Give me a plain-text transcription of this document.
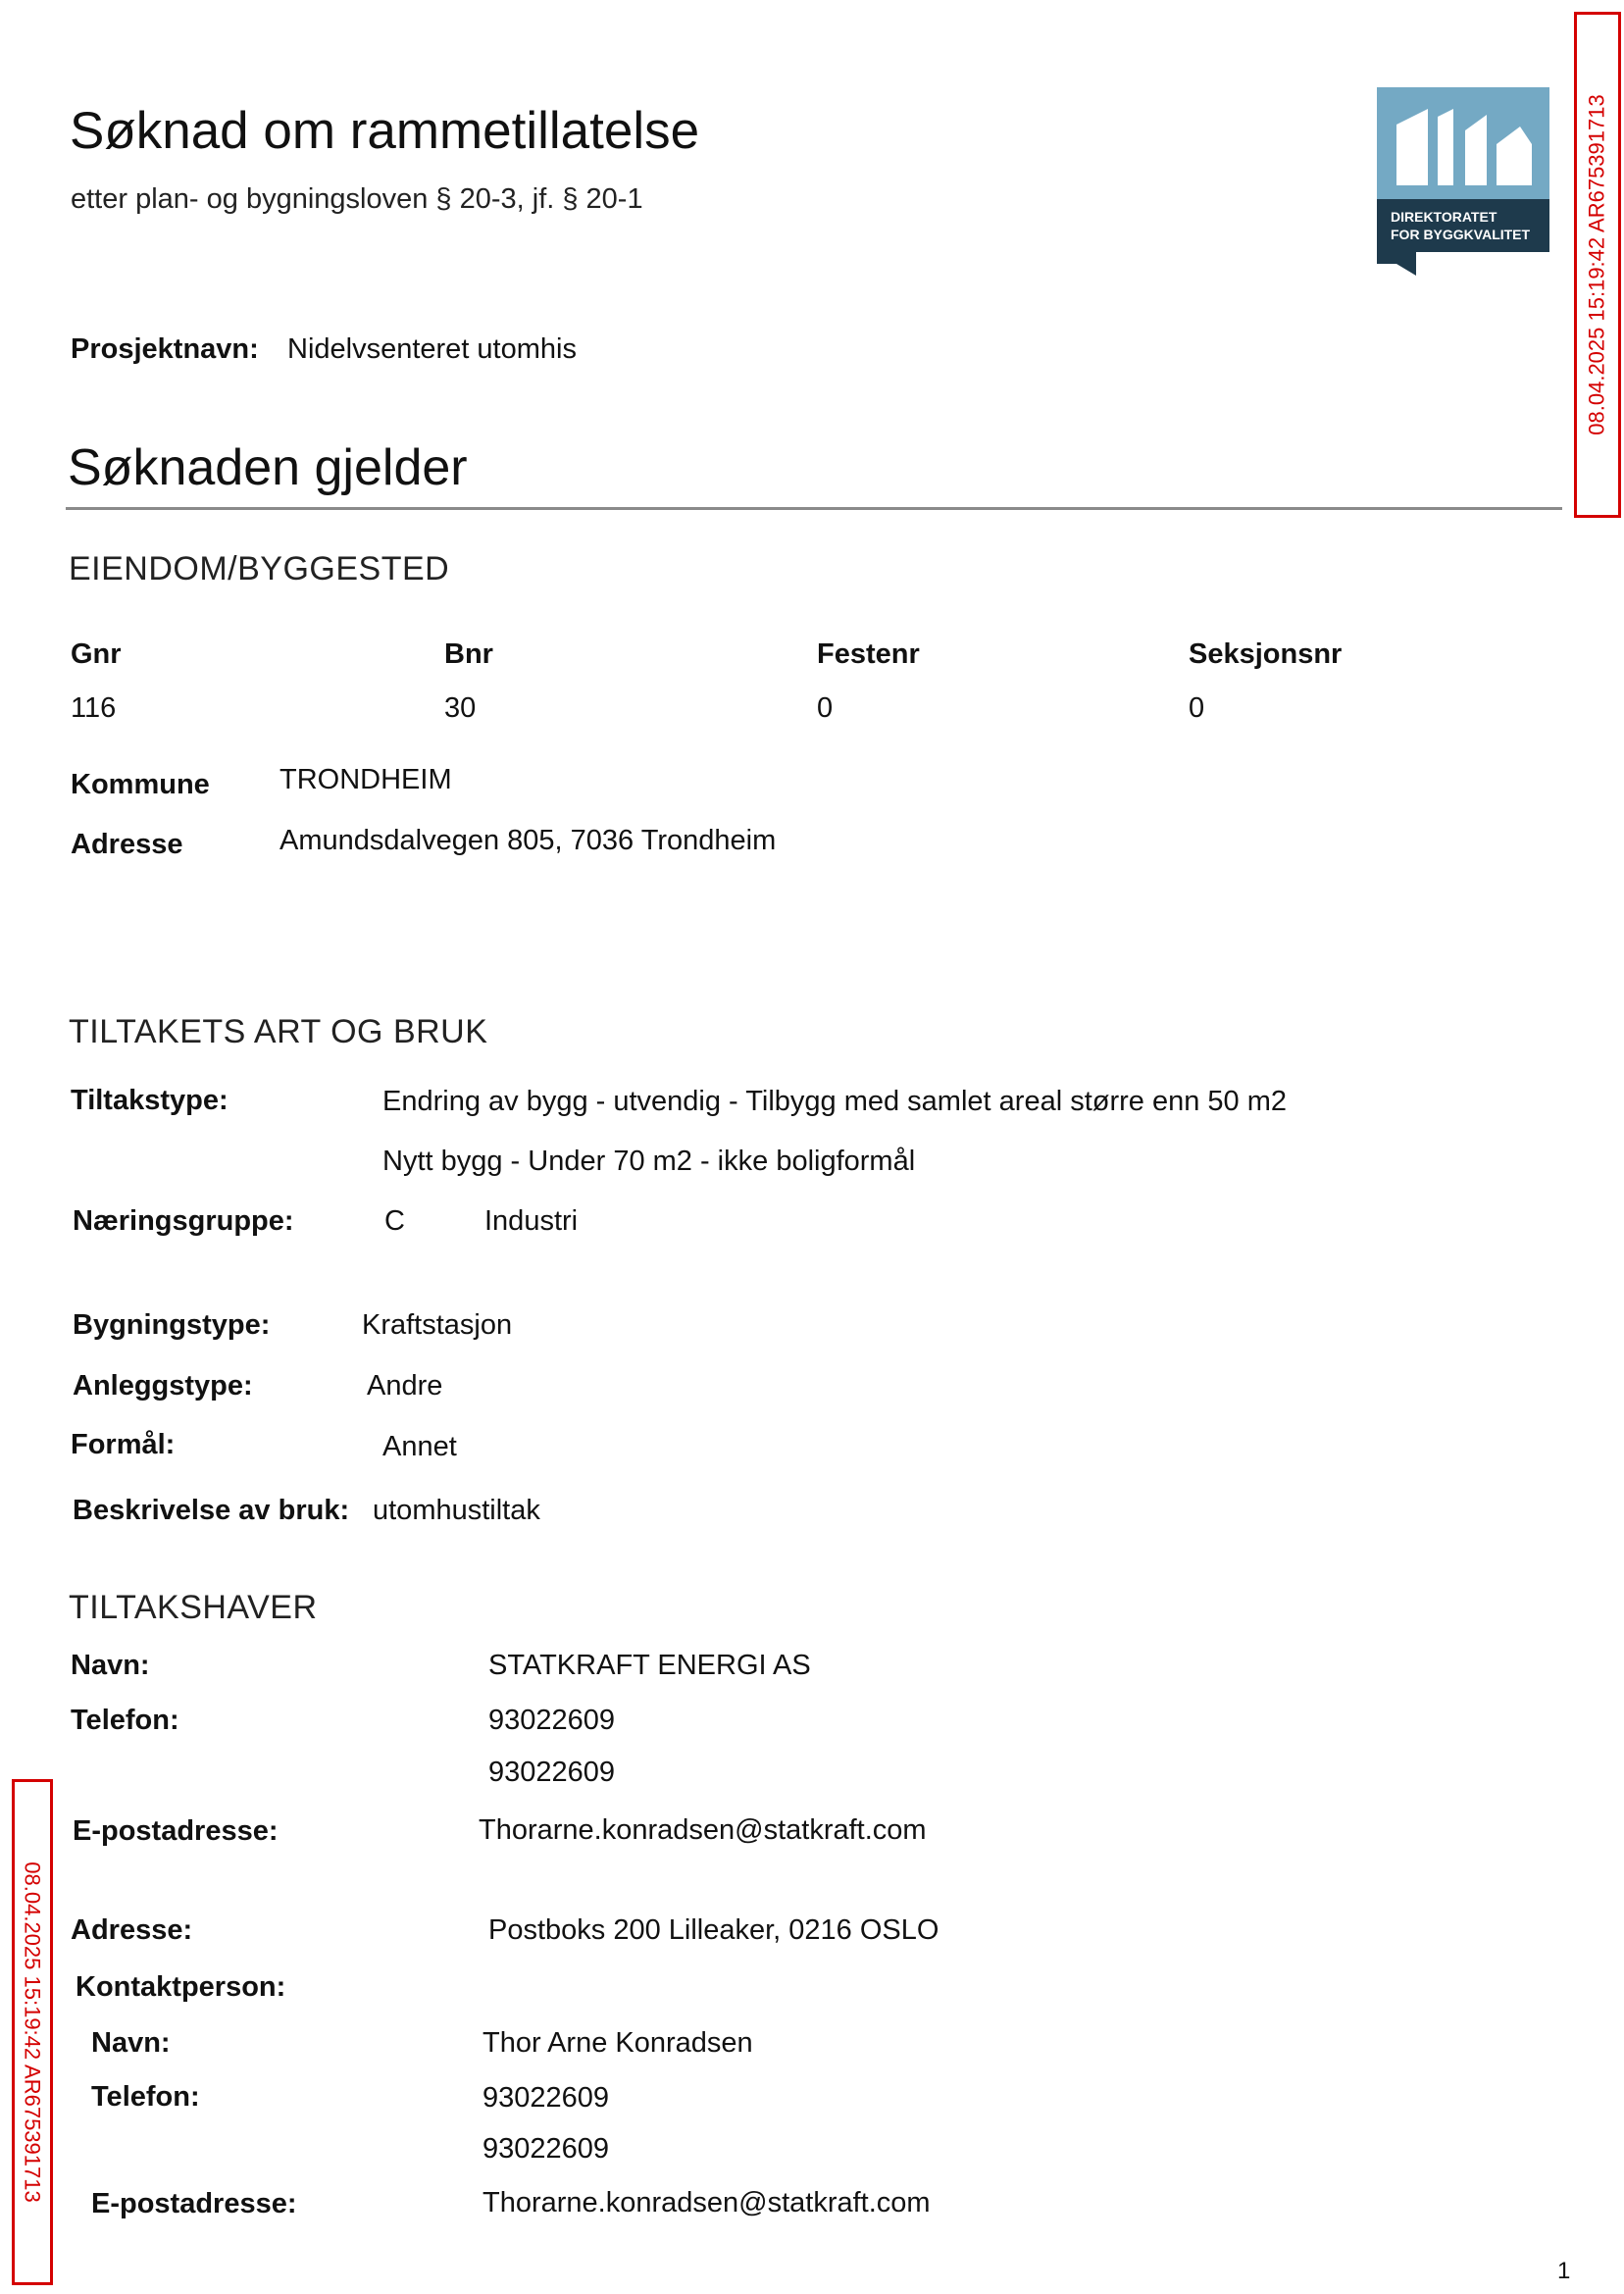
Søknad om rammetillatelse
etter plan- og bygningsloven § 20-3, jf. § 20-1
DIREKTORATET
FOR BYGGKVALITET	08.04.2025 15:19:42 AR675391713
08.04.2025 15:19:42 AR675391713
Prosjektnavn: Nidelvsenteret utomhis
Søknaden gjelder
EIENDOM/BYGGESTED
Gnr	Bnr	Festenr	Seksjonsnr
116	30	0	0
Kommune TRONDHEIM
Adresse	Amundsdalvegen 805, 7036 Trondheim
TILTAKETS ART OG BRUK
Tiltakstype:	Endring av bygg - utvendig - Tilbygg med samlet areal større enn 50 m2
Nytt bygg - Under 70 m2 - ikke boligformål
Næringsgruppe:	C	Industri
Bygningstype:	Kraftstasjon
Anleggstype:	Andre
Formål:	Annet
Beskrivelse av bruk: utomhustiltak
TILTAKSHAVER
Navn:	STATKRAFT ENERGI AS
Telefon:	93022609
93022609
E-postadresse:	Thorarne.konradsen@statkraft.com
Adresse:	Postboks 200 Lilleaker, 0216 OSLO
Kontaktperson:
Navn:	Thor Arne Konradsen
Telefon:	93022609
93022609
E-postadresse:	Thorarne.konradsen@statkraft.com
1
